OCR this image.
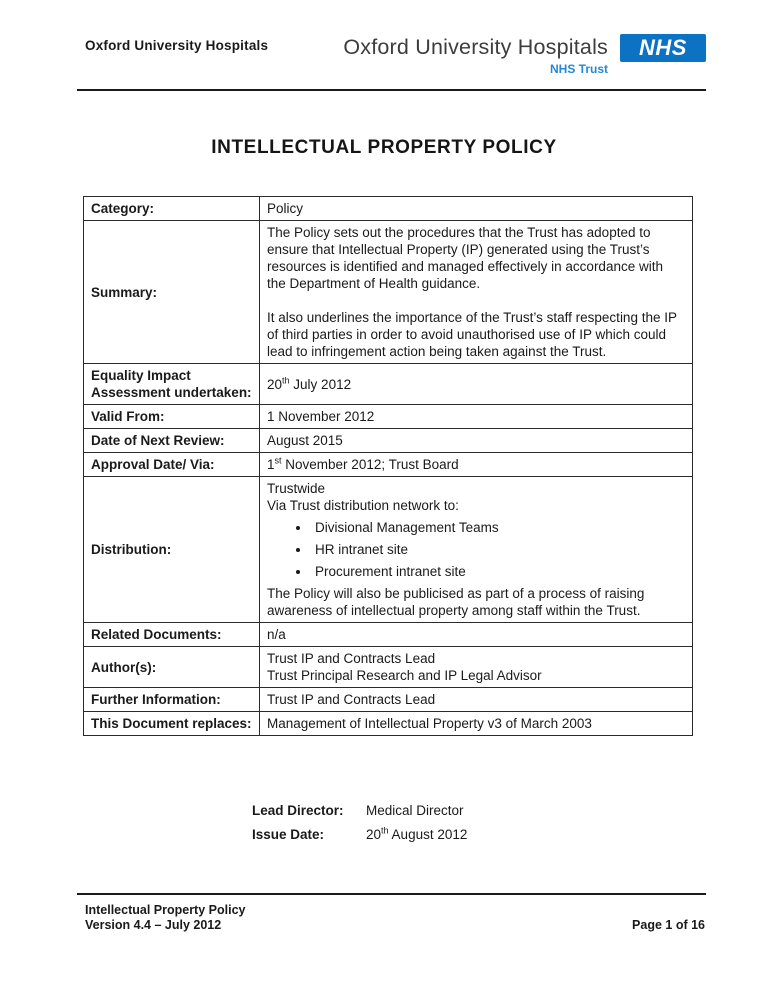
Oxford University Hospitals	Oxford University Hospitals
NHS Trust
NHS
INTELLECTUAL PROPERTY POLICY
Category:	Policy

Summary:	The Policy sets out the procedures that the Trust has adopted to ensure that Intellectual Property (IP) generated using the Trust’s resources is identified and managed effectively in accordance with the Department of Health guidance.

It also underlines the importance of the Trust’s staff respecting the IP of third parties in order to avoid unauthorised use of IP which could lead to infringement action being taken against the Trust.

Equality Impact Assessment undertaken:	20th July 2012

Valid From:	1 November 2012

Date of Next Review:	August 2015

Approval Date/ Via:	1st November 2012; Trust Board

Distribution:	

Trustwide

Via Trust distribution network to:

• Divisional Management Teams
• HR intranet site
• Procurement intranet site

The Policy will also be publicised as part of a process of raising awareness of intellectual property among staff within the Trust.

Related Documents:	n/a

Author(s):	Trust IP and Contracts Lead

Trust Principal Research and IP Legal Advisor

Further Information:	Trust IP and Contracts Lead

This Document replaces:	Management of Intellectual Property v3 of March 2003

Lead Director:	Medical Director
Issue Date:	20th August 2012
Intellectual Property Policy
Version 4.4 – July 2012	Page 1 of 16
